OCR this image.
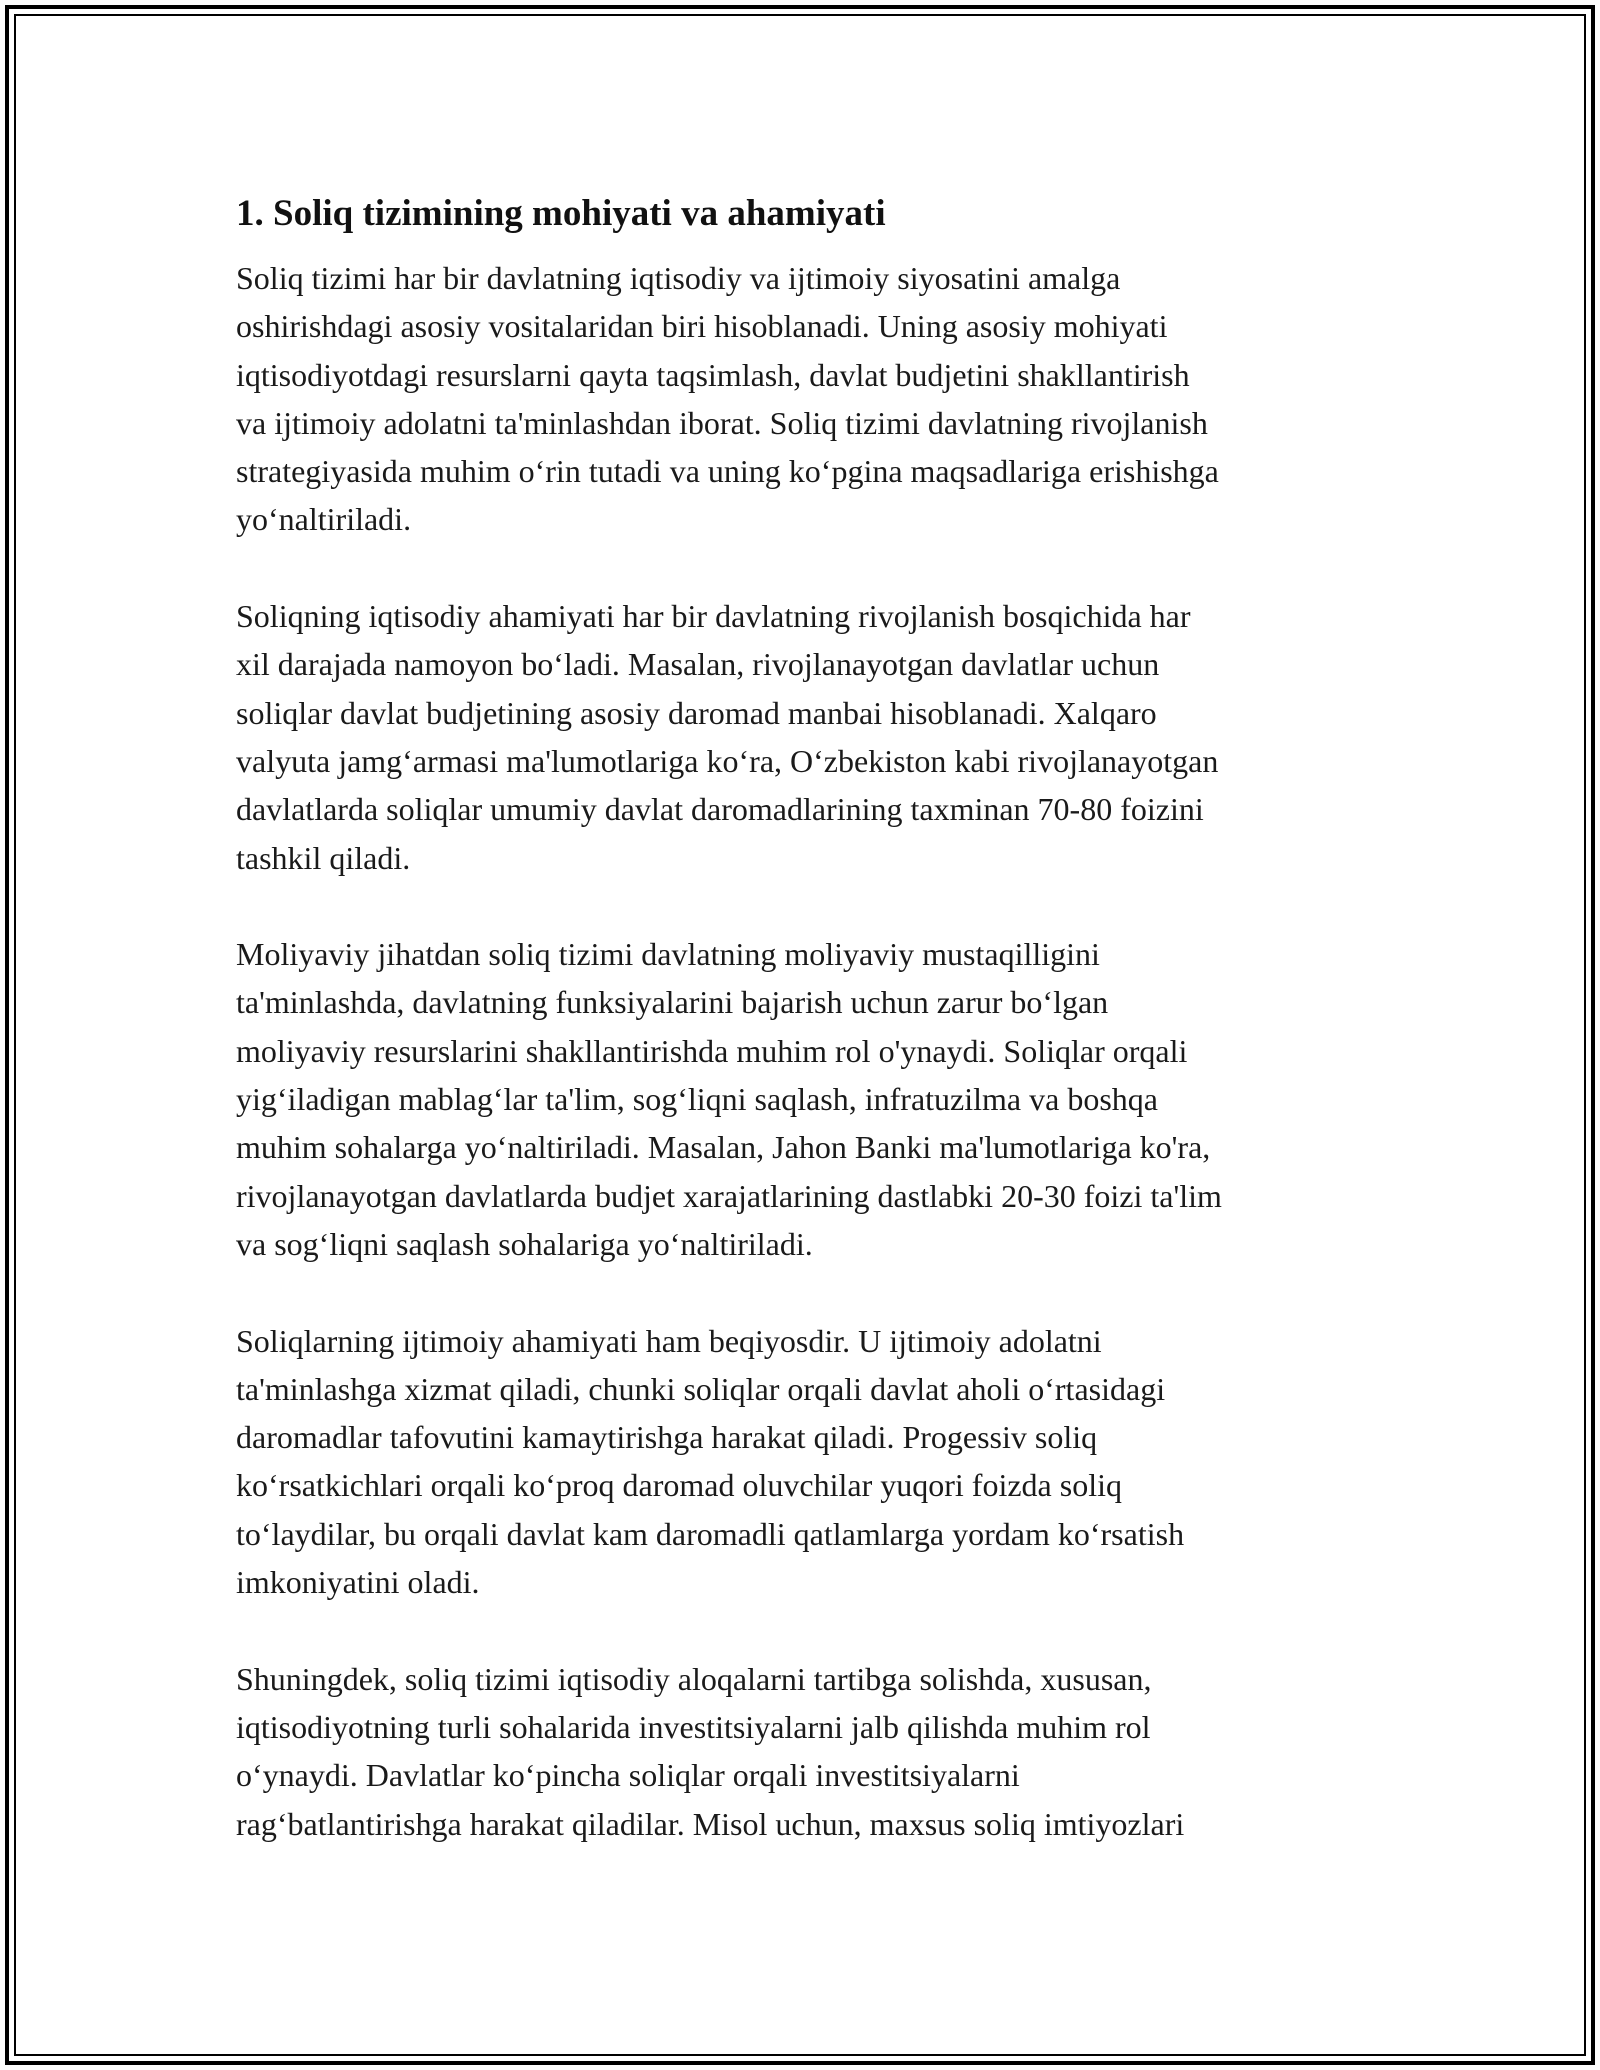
1. Soliq tizimining mohiyati va ahamiyati

Soliq tizimi har bir davlatning iqtisodiy va ijtimoiy siyosatini amalga
oshirishdagi asosiy vositalaridan biri hisoblanadi. Uning asosiy mohiyati
iqtisodiyotdagi resurslarni qayta taqsimlash, davlat budjetini shakllantirish
va ijtimoiy adolatni ta'minlashdan iborat. Soliq tizimi davlatning rivojlanish
strategiyasida muhim o‘rin tutadi va uning ko‘pgina maqsadlariga erishishga
yo‘naltiriladi.

Soliqning iqtisodiy ahamiyati har bir davlatning rivojlanish bosqichida har
xil darajada namoyon bo‘ladi. Masalan, rivojlanayotgan davlatlar uchun
soliqlar davlat budjetining asosiy daromad manbai hisoblanadi. Xalqaro
valyuta jamg‘armasi ma'lumotlariga ko‘ra, O‘zbekiston kabi rivojlanayotgan
davlatlarda soliqlar umumiy davlat daromadlarining taxminan 70-80 foizini
tashkil qiladi.

Moliyaviy jihatdan soliq tizimi davlatning moliyaviy mustaqilligini
ta'minlashda, davlatning funksiyalarini bajarish uchun zarur bo‘lgan
moliyaviy resurslarini shakllantirishda muhim rol o'ynaydi. Soliqlar orqali
yig‘iladigan mablag‘lar ta'lim, sog‘liqni saqlash, infratuzilma va boshqa
muhim sohalarga yo‘naltiriladi. Masalan, Jahon Banki ma'lumotlariga ko'ra,
rivojlanayotgan davlatlarda budjet xarajatlarining dastlabki 20-30 foizi ta'lim
va sog‘liqni saqlash sohalariga yo‘naltiriladi.

Soliqlarning ijtimoiy ahamiyati ham beqiyosdir. U ijtimoiy adolatni
ta'minlashga xizmat qiladi, chunki soliqlar orqali davlat aholi o‘rtasidagi
daromadlar tafovutini kamaytirishga harakat qiladi. Progessiv soliq
ko‘rsatkichlari orqali ko‘proq daromad oluvchilar yuqori foizda soliq
to‘laydilar, bu orqali davlat kam daromadli qatlamlarga yordam ko‘rsatish
imkoniyatini oladi.

Shuningdek, soliq tizimi iqtisodiy aloqalarni tartibga solishda, xususan,
iqtisodiyotning turli sohalarida investitsiyalarni jalb qilishda muhim rol
o‘ynaydi. Davlatlar ko‘pincha soliqlar orqali investitsiyalarni
rag‘batlantirishga harakat qiladilar. Misol uchun, maxsus soliq imtiyozlari
